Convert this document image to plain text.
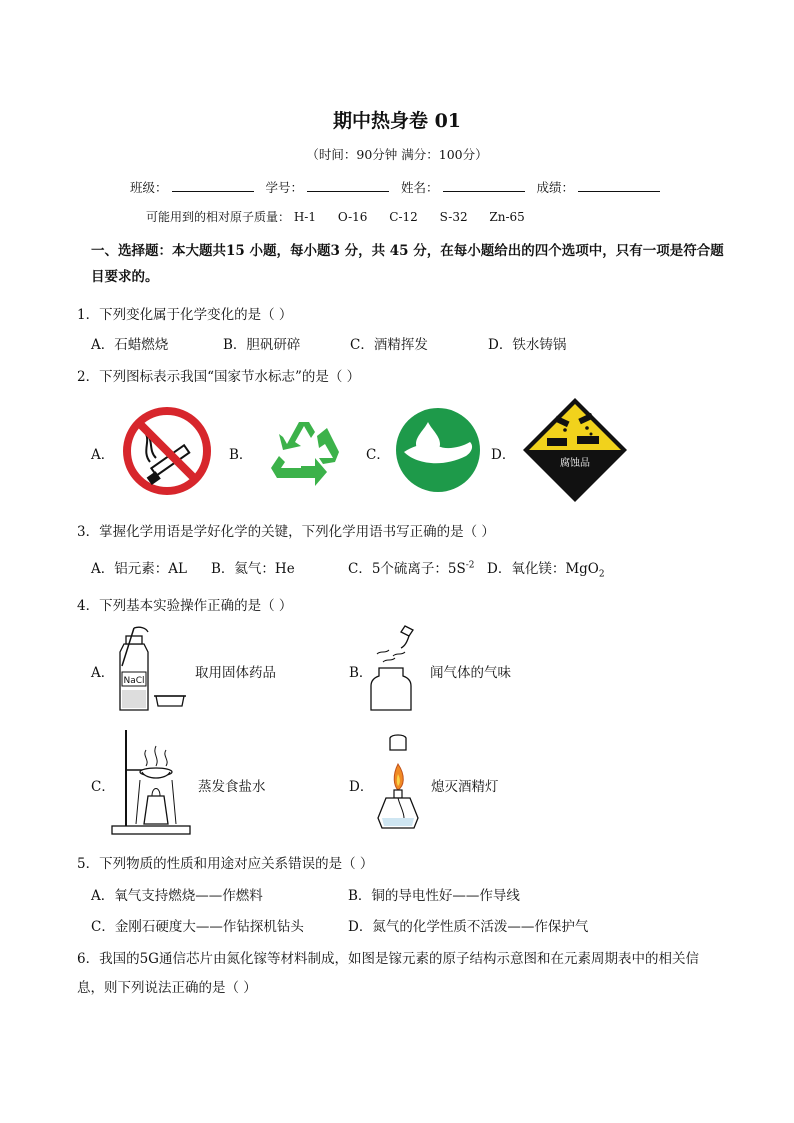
期中热身卷 01
（时间：90分钟 满分：100分）
班级：	学号：	姓名：	成绩：
可能用到的相对原子质量： H-1 O-16 C-12 S-32 Zn-65
一、选择题：本大题共15 小题，每小题3 分，共 45 分，在每小题给出的四个选项中，只有一项是符合题目要求的。
1．下列变化属于化学变化的是（ ）
A．石蜡燃烧	B．胆矾研碎	C．酒精挥发	D．铁水铸锅
2．下列图标表示我国“国家节水标志”的是（ ）
A．	B．	C．	D．
腐蚀品
3．掌握化学用语是学好化学的关键，下列化学用语书写正确的是（ ）
A．铝元素：AL B．氦气：He	C．5个硫离子：$5S^{-2}$ D．氧化镁：MgO$_2$
4．下列基本实验操作正确的是（ ）
A．	取用固体药品	B．	闻气体的气味
C．	蒸发食盐水	D．	熄灭酒精灯
NaCl
5．下列物质的性质和用途对应关系错误的是（ ）
A．氧气支持燃烧——作燃料	B．铜的导电性好——作导线
C．金刚石硬度大——作钻探机钻头	D．氮气的化学性质不活泼——作保护气
6．我国的5G通信芯片由氮化镓等材料制成，如图是镓元素的原子结构示意图和在元素周期表中的相关信
息，则下列说法正确的是（ ）
